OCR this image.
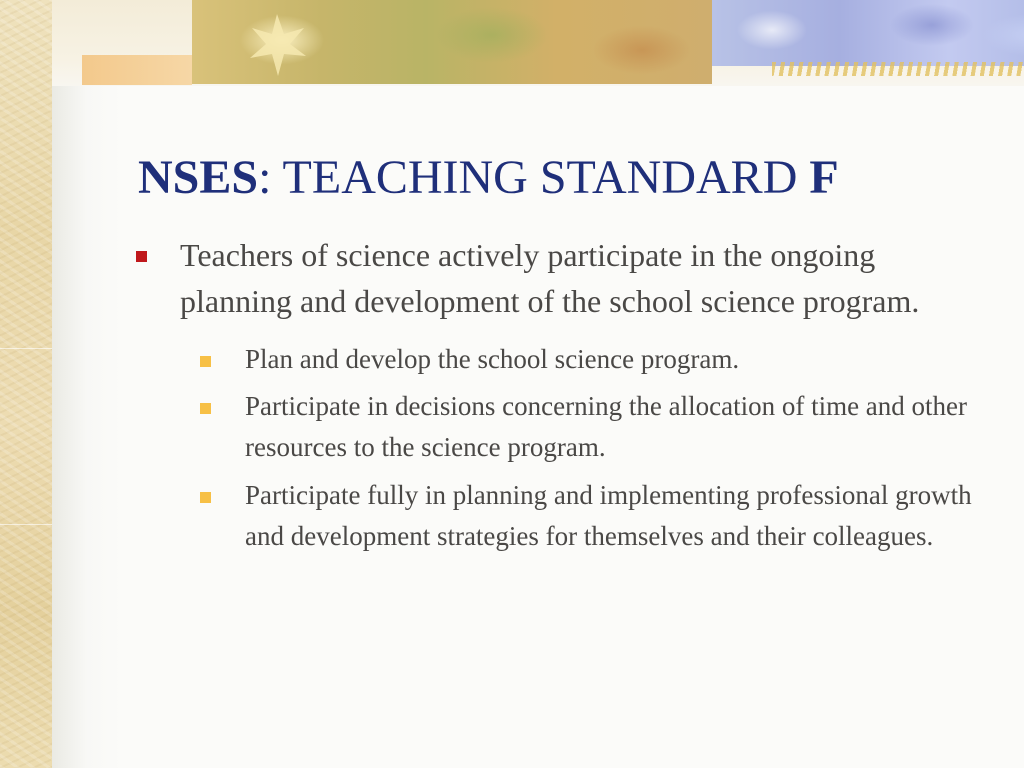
NSES: TEACHING STANDARD F
Teachers of science actively participate in the ongoing planning and development of the school science program.
Plan and develop the school science program.
Participate in decisions concerning the allocation of time and other resources to the science program.
Participate fully in planning and implementing professional growth and development strategies for themselves and their colleagues.
